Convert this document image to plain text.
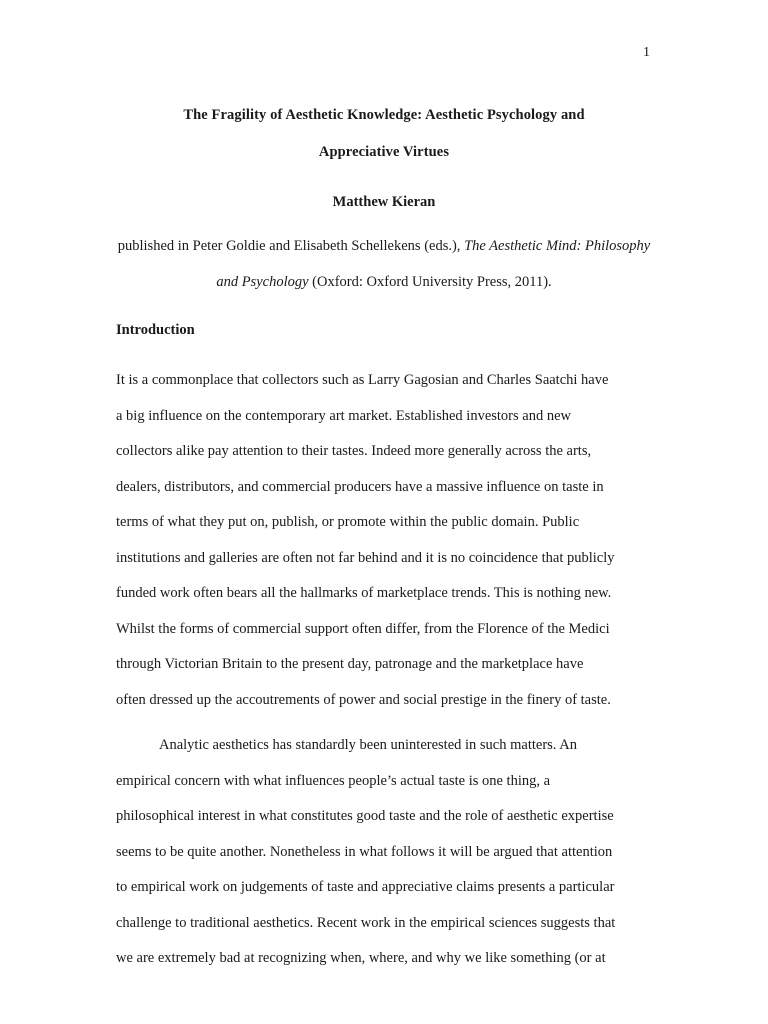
1
The Fragility of Aesthetic Knowledge: Aesthetic Psychology and
Appreciative Virtues
Matthew Kieran
published in Peter Goldie and Elisabeth Schellekens (eds.), The Aesthetic Mind: Philosophy
and Psychology (Oxford: Oxford University Press, 2011).
Introduction

It is a commonplace that collectors such as Larry Gagosian and Charles Saatchi have
a big influence on the contemporary art market. Established investors and new
collectors alike pay attention to their tastes. Indeed more generally across the arts,
dealers, distributors, and commercial producers have a massive influence on taste in
terms of what they put on, publish, or promote within the public domain. Public
institutions and galleries are often not far behind and it is no coincidence that publicly
funded work often bears all the hallmarks of marketplace trends. This is nothing new.
Whilst the forms of commercial support often differ, from the Florence of the Medici
through Victorian Britain to the present day, patronage and the marketplace have
often dressed up the accoutrements of power and social prestige in the finery of taste.

Analytic aesthetics has standardly been uninterested in such matters. An
empirical concern with what influences people’s actual taste is one thing, a
philosophical interest in what constitutes good taste and the role of aesthetic expertise
seems to be quite another. Nonetheless in what follows it will be argued that attention
to empirical work on judgements of taste and appreciative claims presents a particular
challenge to traditional aesthetics. Recent work in the empirical sciences suggests that
we are extremely bad at recognizing when, where, and why we like something (or at
